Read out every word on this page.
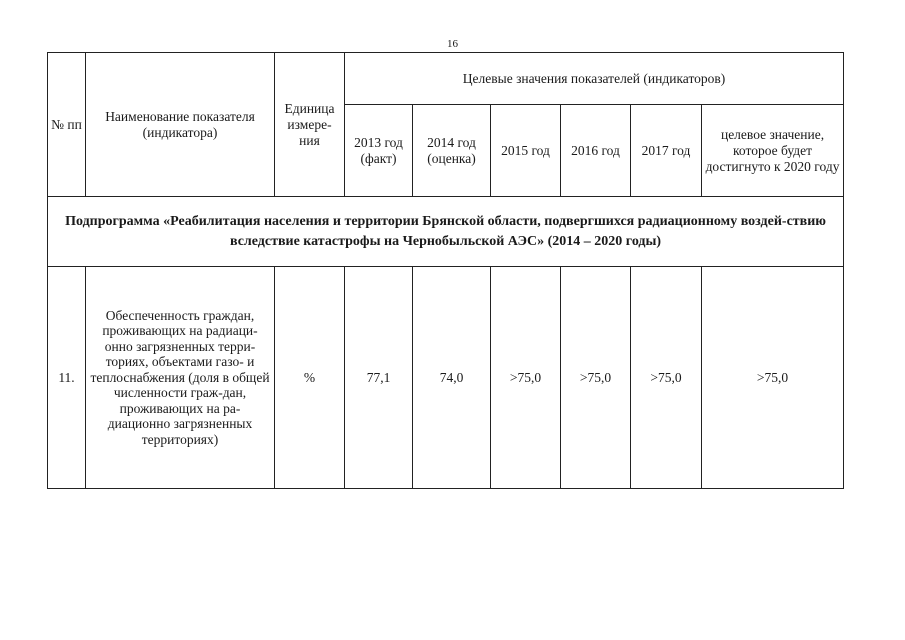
16
№ пп	Наименование показателя (индикатора)	Единица измере-ния	Целевые значения показателей (индикаторов)					
			2013 год (факт)	2014 год (оценка)	2015 год	2016 год	2017 год	целевое значение, которое будет достигнуто к 2020 году
Подпрограмма «Реабилитация населения и территории Брянской области, подвергшихся радиационному воздей-ствию вследствие катастрофы на Чернобыльской АЭС» (2014 – 2020 годы)								
11.	Обеспеченность граждан, проживающих на радиаци-онно загрязненных терри-ториях, объектами газо- и теплоснабжения (доля в общей численности граж-дан, проживающих на ра-диационно загрязненных территориях)	%	77,1	74,0	>75,0	>75,0	>75,0	>75,0
